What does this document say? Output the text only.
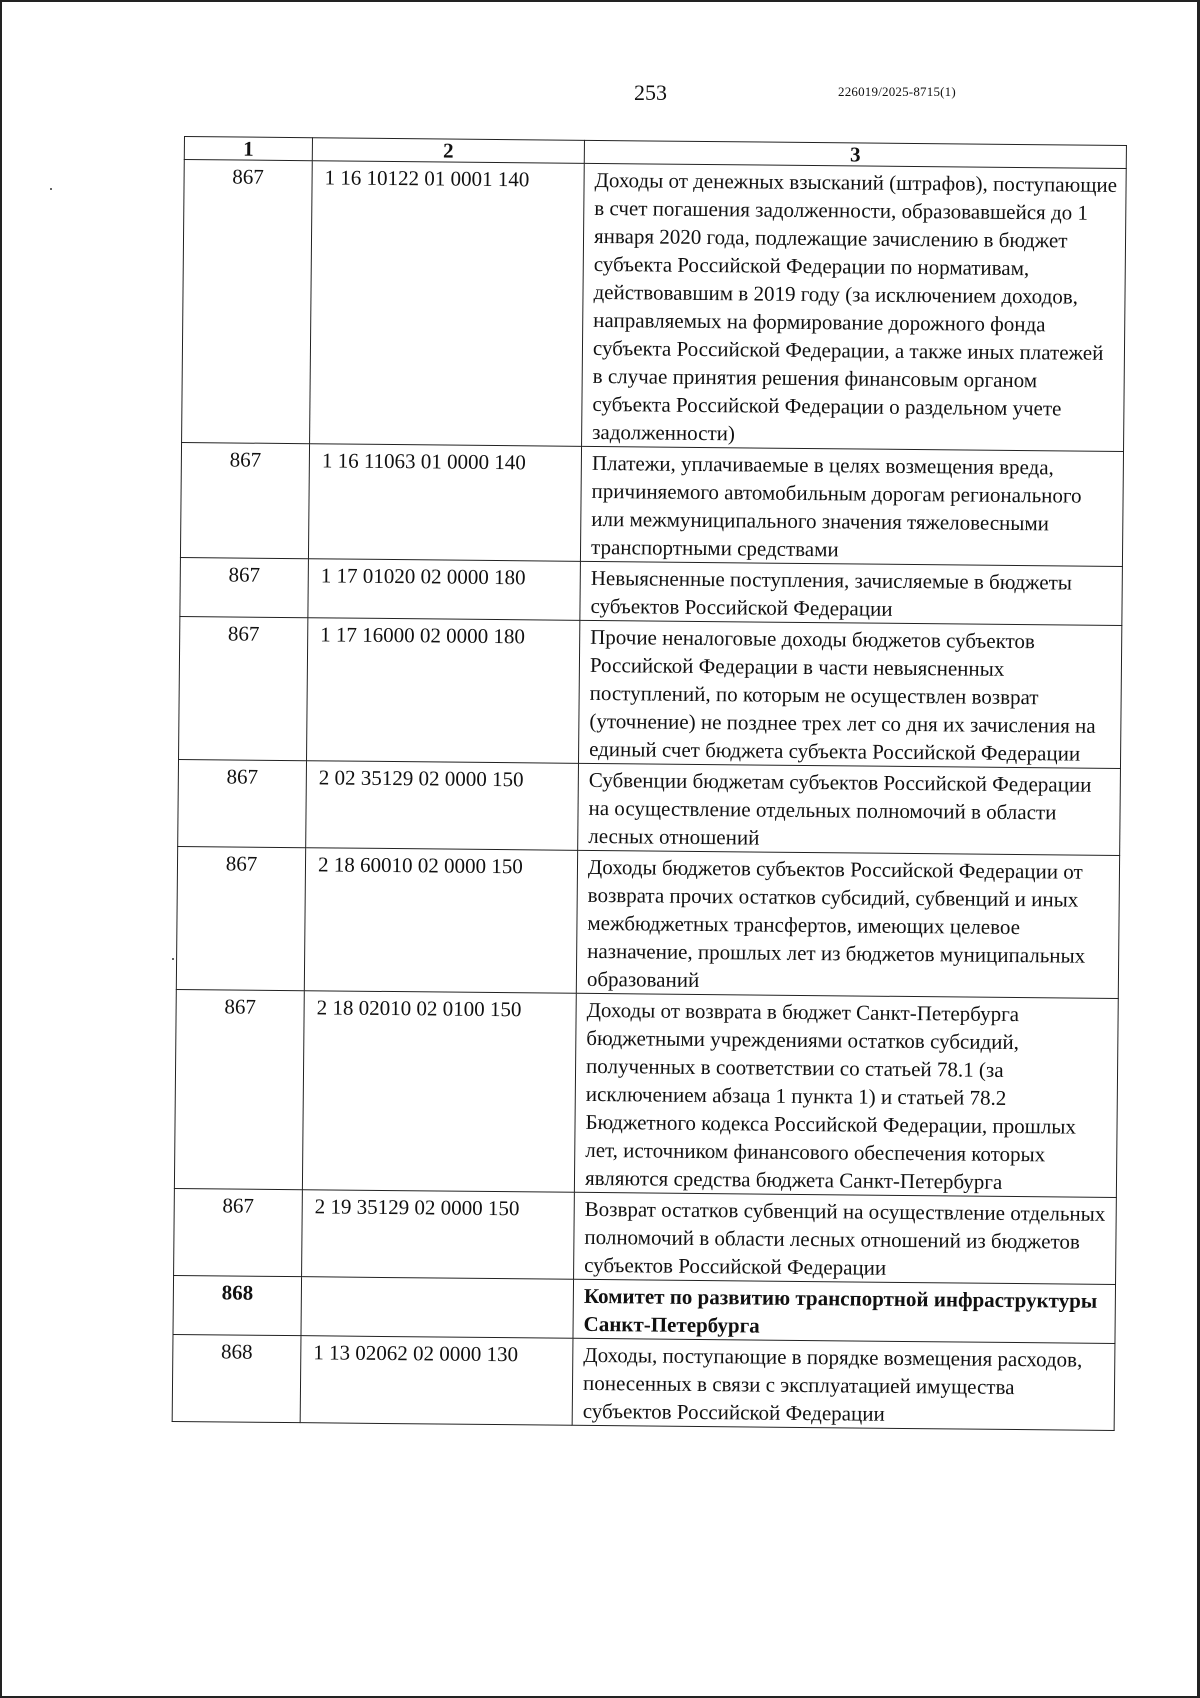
253	226019/2025-8715(1)
1	2	3
867	1 16 10122 01 0001 140	Доходы от денежных взысканий (штрафов), поступающие в счет погашения задолженности, образовавшейся до 1 января 2020 года, подлежащие зачислению в бюджет субъекта Российской Федерации по нормативам, действовавшим в 2019 году (за исключением доходов, направляемых на формирование дорожного фонда субъекта Российской Федерации, а также иных платежей в случае принятия решения финансовым органом субъекта Российской Федерации о раздельном учете задолженности)
867	1 16 11063 01 0000 140	Платежи, уплачиваемые в целях возмещения вреда, причиняемого автомобильным дорогам регионального или межмуниципального значения тяжеловесными транспортными средствами
867	1 17 01020 02 0000 180	Невыясненные поступления, зачисляемые в бюджеты субъектов Российской Федерации
867	1 17 16000 02 0000 180	Прочие неналоговые доходы бюджетов субъектов Российской Федерации в части невыясненных поступлений, по которым не осуществлен возврат (уточнение) не позднее трех лет со дня их зачисления на единый счет бюджета субъекта Российской Федерации
867	2 02 35129 02 0000 150	Субвенции бюджетам субъектов Российской Федерации на осуществление отдельных полномочий в области лесных отношений
867	2 18 60010 02 0000 150	Доходы бюджетов субъектов Российской Федерации от возврата прочих остатков субсидий, субвенций и иных межбюджетных трансфертов, имеющих целевое назначение, прошлых лет из бюджетов муниципальных образований
867	2 18 02010 02 0100 150	Доходы от возврата в бюджет Санкт-Петербурга бюджетными учреждениями остатков субсидий, полученных в соответствии со статьей 78.1 (за исключением абзаца 1 пункта 1) и статьей 78.2 Бюджетного кодекса Российской Федерации, прошлых лет, источником финансового обеспечения которых являются средства бюджета Санкт-Петербурга
867	2 19 35129 02 0000 150	Возврат остатков субвенций на осуществление отдельных полномочий в области лесных отношений из бюджетов субъектов Российской Федерации
868		Комитет по развитию транспортной инфраструктуры Санкт-Петербурга
868	1 13 02062 02 0000 130	Доходы, поступающие в порядке возмещения расходов, понесенных в связи с эксплуатацией имущества субъектов Российской Федерации
